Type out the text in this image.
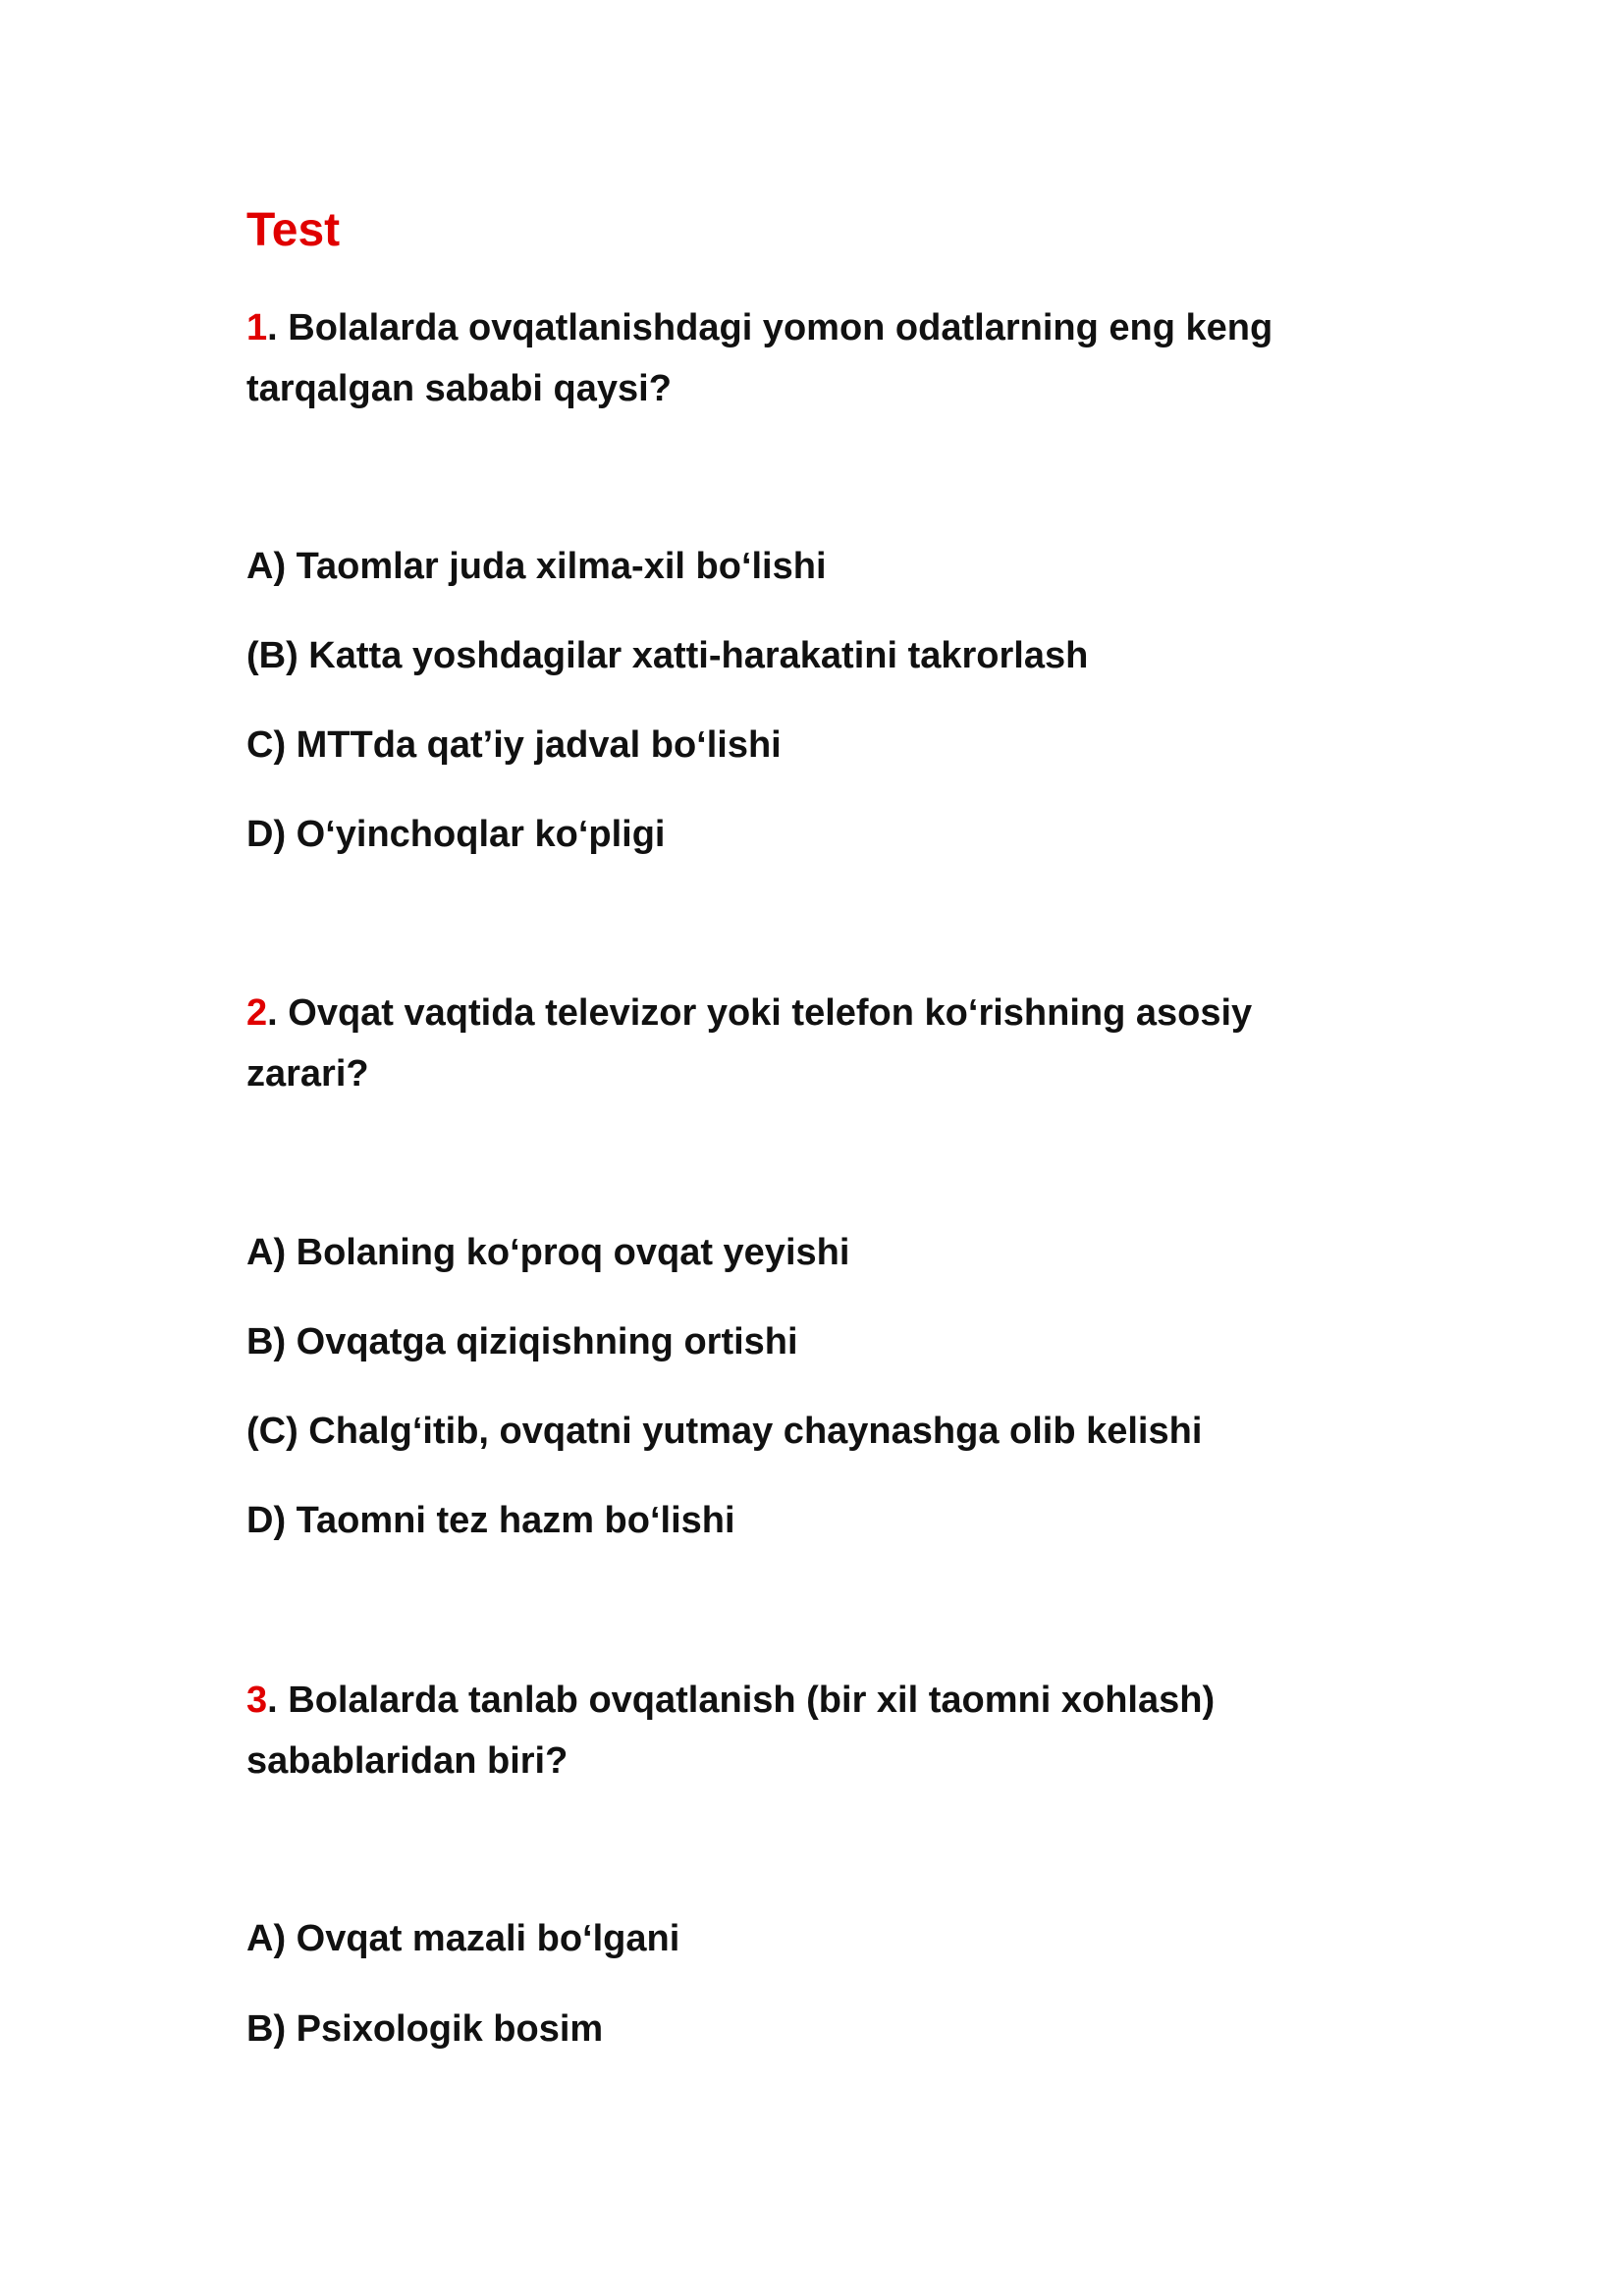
Test

1. Bolalarda ovqatlanishdagi yomon odatlarning eng keng

tarqalgan sababi qaysi?

A) Taomlar juda xilma-xil bo‘lishi

(B) Katta yoshdagilar xatti-harakatini takrorlash

C) MTTda qat’iy jadval bo‘lishi

D) O‘yinchoqlar ko‘pligi

2. Ovqat vaqtida televizor yoki telefon ko‘rishning asosiy

zarari?

A) Bolaning ko‘proq ovqat yeyishi

B) Ovqatga qiziqishning ortishi

(C) Chalg‘itib, ovqatni yutmay chaynashga olib kelishi

D) Taomni tez hazm bo‘lishi

3. Bolalarda tanlab ovqatlanish (bir xil taomni xohlash)

sabablaridan biri?

A) Ovqat mazali bo‘lgani

B) Psixologik bosim
